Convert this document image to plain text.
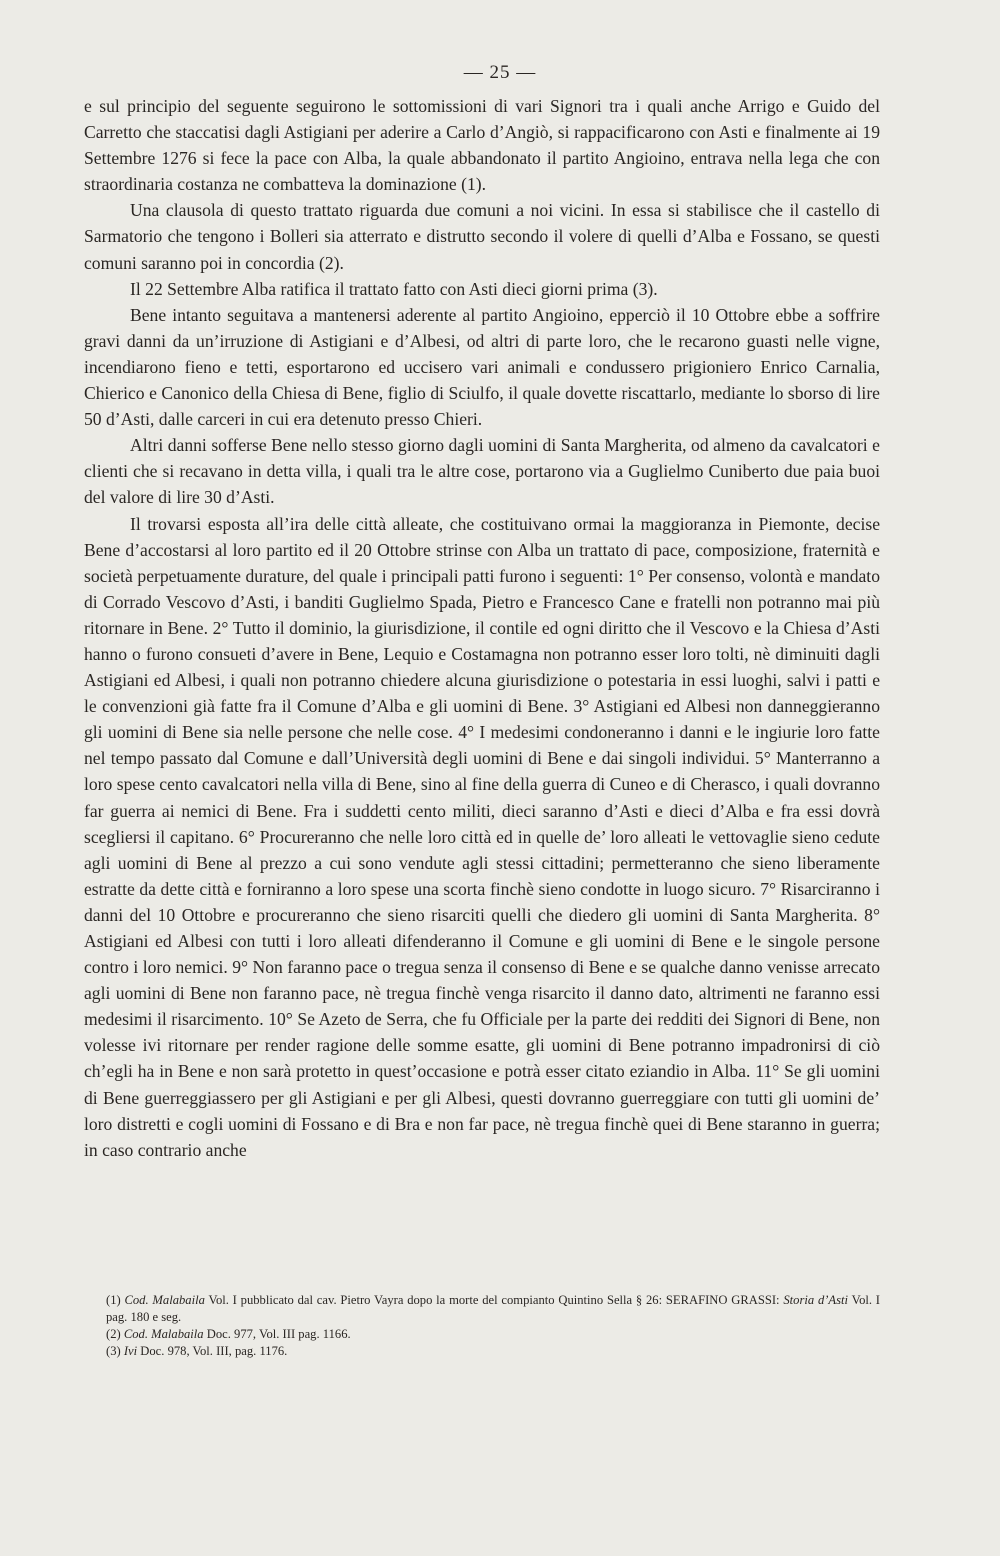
— 25 —

e sul principio del seguente seguirono le sottomissioni di vari Signori tra i quali anche Arrigo e Guido del Carretto che staccatisi dagli Astigiani per aderire a Carlo d’Angiò, si rappacificarono con Asti e finalmente ai 19 Settembre 1276 si fece la pace con Alba, la quale abbandonato il partito Angioino, entrava nella lega che con straordinaria costanza ne combatteva la dominazione (1).

Una clausola di questo trattato riguarda due comuni a noi vicini. In essa si stabilisce che il castello di Sarmatorio che tengono i Bolleri sia atterrato e distrutto secondo il volere di quelli d’Alba e Fossano, se questi comuni saranno poi in concordia (2).

Il 22 Settembre Alba ratifica il trattato fatto con Asti dieci giorni prima (3).

Bene intanto seguitava a mantenersi aderente al partito Angioino, epperciò il 10 Ottobre ebbe a soffrire gravi danni da un’irruzione di Astigiani e d’Albesi, od altri di parte loro, che le recarono guasti nelle vigne, incendiarono fieno e tetti, esportarono ed uccisero vari animali e condussero prigioniero Enrico Carnalia, Chierico e Canonico della Chiesa di Bene, figlio di Sciulfo, il quale dovette riscattarlo, mediante lo sborso di lire 50 d’Asti, dalle carceri in cui era detenuto presso Chieri.

Altri danni sofferse Bene nello stesso giorno dagli uomini di Santa Margherita, od almeno da cavalcatori e clienti che si recavano in detta villa, i quali tra le altre cose, portarono via a Guglielmo Cuniberto due paia buoi del valore di lire 30 d’Asti.

Il trovarsi esposta all’ira delle città alleate, che costituivano ormai la maggioranza in Piemonte, decise Bene d’accostarsi al loro partito ed il 20 Ottobre strinse con Alba un trattato di pace, composizione, fraternità e società perpetuamente durature, del quale i principali patti furono i seguenti: 1° Per consenso, volontà e mandato di Corrado Vescovo d’Asti, i banditi Guglielmo Spada, Pietro e Francesco Cane e fratelli non potranno mai più ritornare in Bene. 2° Tutto il dominio, la giurisdizione, il contile ed ogni diritto che il Vescovo e la Chiesa d’Asti hanno o furono consueti d’avere in Bene, Lequio e Costamagna non potranno esser loro tolti, nè diminuiti dagli Astigiani ed Albesi, i quali non potranno chiedere alcuna giurisdizione o potestaria in essi luoghi, salvi i patti e le convenzioni già fatte fra il Comune d’Alba e gli uomini di Bene. 3° Astigiani ed Albesi non danneggieranno gli uomini di Bene sia nelle persone che nelle cose. 4° I medesimi condoneranno i danni e le ingiurie loro fatte nel tempo passato dal Comune e dall’Università degli uomini di Bene e dai singoli individui. 5° Manterranno a loro spese cento cavalcatori nella villa di Bene, sino al fine della guerra di Cuneo e di Cherasco, i quali dovranno far guerra ai nemici di Bene. Fra i suddetti cento militi, dieci saranno d’Asti e dieci d’Alba e fra essi dovrà scegliersi il capitano. 6° Procureranno che nelle loro città ed in quelle de’ loro alleati le vettovaglie sieno cedute agli uomini di Bene al prezzo a cui sono vendute agli stessi cittadini; permetteranno che sieno liberamente estratte da dette città e forniranno a loro spese una scorta finchè sieno condotte in luogo sicuro. 7° Risarciranno i danni del 10 Ottobre e procureranno che sieno risarciti quelli che diedero gli uomini di Santa Margherita. 8° Astigiani ed Albesi con tutti i loro alleati difenderanno il Comune e gli uomini di Bene e le singole persone contro i loro nemici. 9° Non faranno pace o tregua senza il consenso di Bene e se qualche danno venisse arrecato agli uomini di Bene non faranno pace, nè tregua finchè venga risarcito il danno dato, altrimenti ne faranno essi medesimi il risarcimento. 10° Se Azeto de Serra, che fu Officiale per la parte dei redditi dei Signori di Bene, non volesse ivi ritornare per render ragione delle somme esatte, gli uomini di Bene potranno impadronirsi di ciò ch’egli ha in Bene e non sarà protetto in quest’occasione e potrà esser citato eziandio in Alba. 11° Se gli uomini di Bene guerreggiassero per gli Astigiani e per gli Albesi, questi dovranno guerreggiare con tutti gli uomini de’ loro distretti e cogli uomini di Fossano e di Bra e non far pace, nè tregua finchè quei di Bene staranno in guerra; in caso contrario anche

(1) Cod. Malabaila Vol. I pubblicato dal cav. Pietro Vayra dopo la morte del compianto Quintino Sella § 26: SERAFINO GRASSI: Storia d’Asti Vol. I pag. 180 e seg.

(2) Cod. Malabaila Doc. 977, Vol. III pag. 1166.

(3) Ivi Doc. 978, Vol. III, pag. 1176.
